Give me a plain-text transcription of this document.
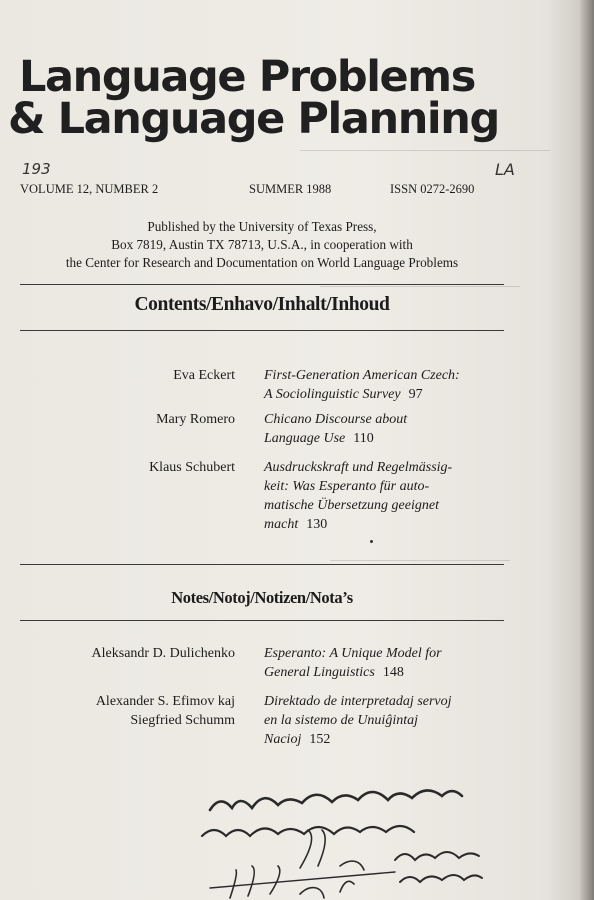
Language Problems
& Language Planning
193	LA
VOLUME 12, NUMBER 2	SUMMER 1988	ISSN 0272-2690
Published by the University of Texas Press,
Box 7819, Austin TX 78713, U.S.A., in cooperation with
the Center for Research and Documentation on World Language Problems
Contents/Enhavo/Inhalt/Inhoud
Eva Eckert First-Generation American Czech:
A Sociolinguistic Survey 97
Mary Romero Chicano Discourse about
Language Use 110
Klaus Schubert Ausdruckskraft und Regelmässig-
keit: Was Esperanto für auto-
matische Übersetzung geeignet
macht 130
Notes/Notoj/Notizen/Nota’s
Aleksandr D. Dulichenko Esperanto: A Unique Model for
General Linguistics 148
Alexander S. Efimov kaj
Siegfried Schumm
Direktado de interpretadaj servoj
en la sistemo de Unuiĝintaj
Nacioj 152
